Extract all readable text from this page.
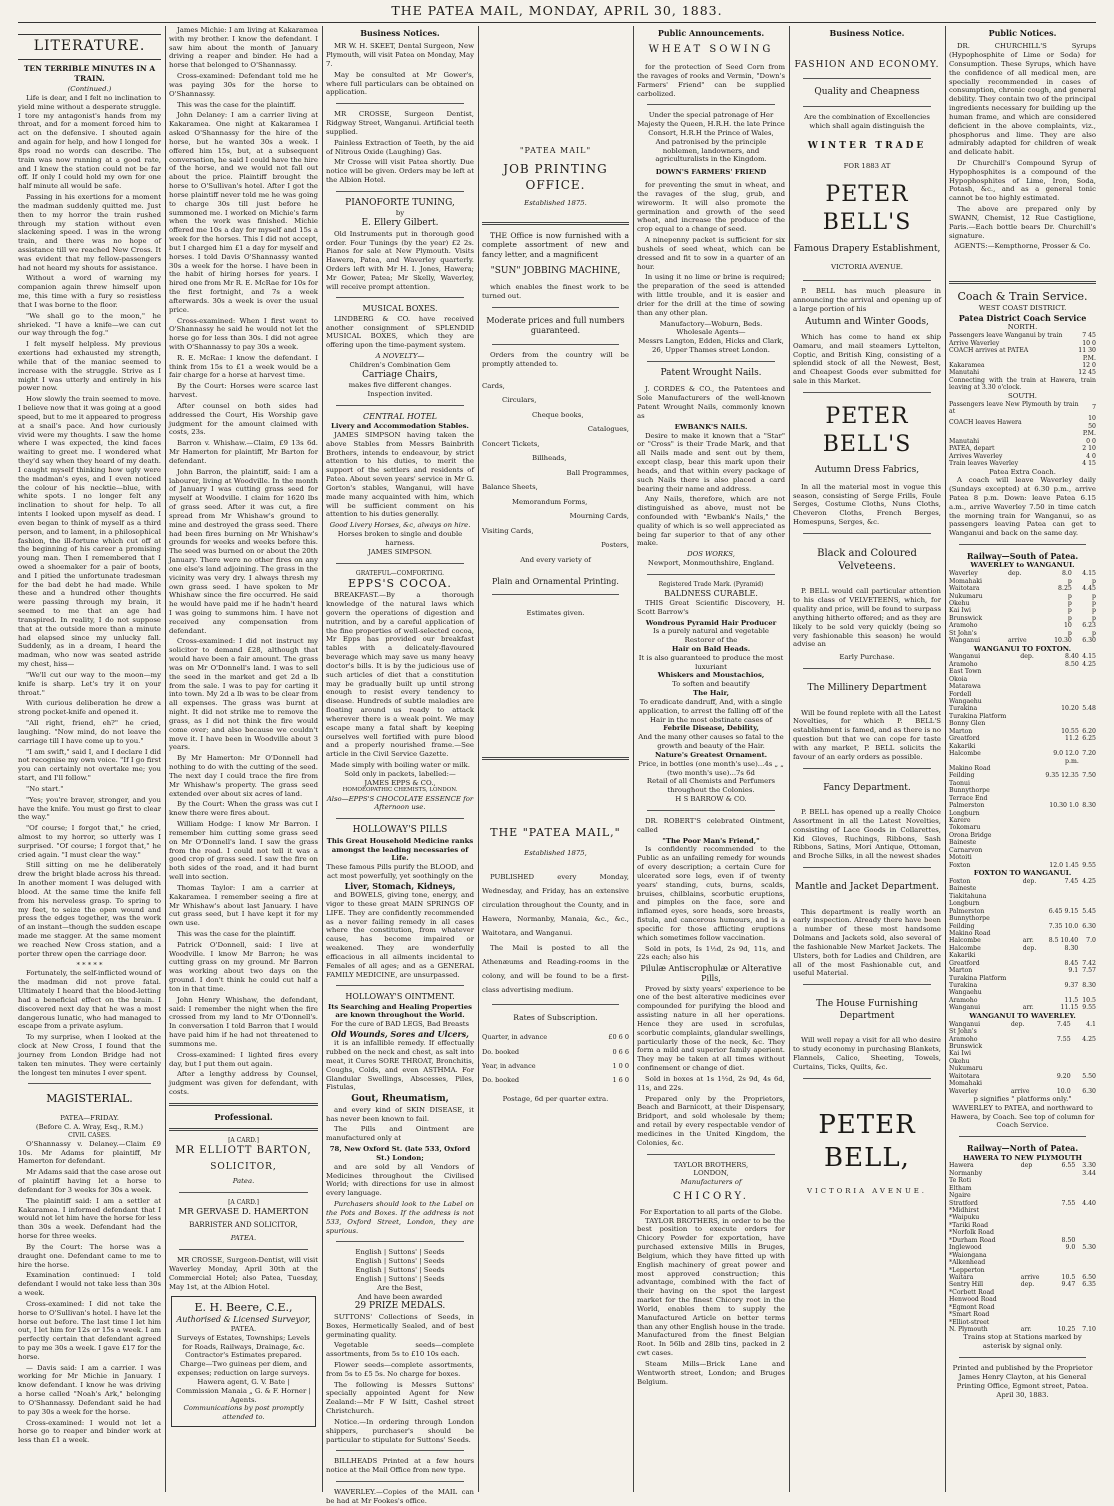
THE PATEA MAIL, MONDAY, APRIL 30, 1883.
LITERATURE.
TEN TERRIBLE MINUTES IN A TRAIN.
(Continued.)

Life is dear, and I felt no inclination to yield mine without a desperate struggle. I tore my antagonist's hands from my throat, and for a moment forced him to act on the defensive. I shouted again and again for help, and how I longed for 8ps road no words can describe. The train was now running at a good rate, and I knew the station could not be far off. If only I could hold my own for one half minute all would be safe.

Passing in his exertions for a moment the madman suddenly quitted me. Just then to my horror the train rushed through my station without even slackening speed. I was in the wrong train, and there was no hope of assistance till we reached New Cross. It was evident that my fellow-passengers had not heard my shouts for assistance.

Without a word of warning my companion again threw himself upon me, this time with a fury so resistless that I was borne to the floor.

"We shall go to the moon," he shrieked. "I have a knife—we can cut our way through the fog."

I felt myself helpless. My previous exertions had exhausted my strength, while that of the maniac seemed to increase with the struggle. Strive as I might I was utterly and entirely in his power now.

How slowly the train seemed to move. I believe now that it was going at a good speed, but to me it appeared to progress at a snail's pace. And how curiously vivid were my thoughts. I saw the home where I was expected, the kind faces waiting to greet me. I wondered what they'd say when they heard of my death. I caught myself thinking how ugly were the madman's eyes, and I even noticed the colour of his necktie—blue, with white spots. I no longer felt any inclination to shout for help. To all intents I looked upon myself as dead. I even began to think of myself as a third person, and to lament, in a philosophical fashion, the ill-fortune which cut off at the beginning of his career a promising young man. Then I remembered that I owed a shoemaker for a pair of boots, and I pitied the unfortunate tradesman for the bad debt he had made. While these and a hundred other thoughts were passing through my brain, it seemed to me that an age had transpired. In reality, I do not suppose that at the outside more than a minute had elapsed since my unlucky fall. Suddenly, as in a dream, I heard the madman, who now was seated astride my chest, hiss—

"We'll cut our way to the moon—my knife is sharp. Let's try it on your throat."

With curious deliberation he drew a strong pocket-knife and opened it.

"All right, friend, eh?" he cried, laughing. "Now mind, do not leave the carriage till I have come up to you."

"I am swift," said I, and I declare I did not recognise my own voice. "If I go first you can certainly not overtake me; you start, and I'll follow."

"No start."

"Yes; you're braver, stronger, and you have the knife. You must go first to clear the way."

"Of course; I forgot that," he cried, almost to my horror, so utterly was I surprised. "Of course; I forgot that," he cried again. "I must clear the way."

Still sitting on me he deliberately drew the bright blade across his thread. In another moment I was deluged with blood. At the same time the knife fell from his nerveless grasp. To spring to my feet, to seize the open wound and press the edges together, was the work of an instant—though the sudden escape made me stagger. At the same moment we reached New Cross station, and a porter threw open the carriage door.

* * * * *

Fortunately, the self-inflicted wound of the madman did not prove fatal. Ultimately I heard that the blood-letting had a beneficial effect on the brain. I discovered next day that he was a most dangerous lunatic, who had managed to escape from a private asylum.

To my surprise, when I looked at the clock at New Cross, I found that the journey from London Bridge had not taken ten minutes. They were certainly the longest ten minutes I ever spent.

MAGISTERIAL.
PATEA—FRIDAY.
(Before C. A. Wray, Esq., R.M.)
CIVIL CASES.

O'Shannassy v. Delaney.—Claim £9 10s. Mr Adams for plaintiff, Mr Hamerton for defendant.

Mr Adams said that the case arose out of plaintiff having let a horse to defendant for 3 weeks for 30s a week.

The plaintiff said: I am a settler at Kakaramea. I informed defendant that I would not let him have the horse for less than 30s a week. Defendant had the horse for three weeks.

By the Court: The horse was a draught one. Defendant came to me to hire the horse.

Examination continued: I told defendant I would not take less than 30s a week.

Cross-examined: I did not take the horse to O'Sullivan's hotel. I have let the horse out before. The last time I let him out, I let him for 12s or 15s a week. I am perfectly certain that defendant agreed to pay me 30s a week. I gave £17 for the horse.

— Davis said: I am a carrier. I was working for Mr Michie in January. I know defendant. I know he was driving a horse called "Noah's Ark," belonging to O'Shannassy. Defendant said he had to pay 30s a week for the horse.

Cross-examined: I would not let a horse go to reaper and binder work at less than £1 a week.

James Michie: I am living at Kakaramea with my brother. I know the defendant. I saw him about the month of January driving a reaper and binder. He had a horse that belonged to O'Shannassy.

Cross-examined: Defendant told me he was paying 30s for the horse to O'Shannassy.

This was the case for the plaintiff.

John Delaney: I am a carrier living at Kakaramea. One night at Kakaramea I asked O'Shannassy for the hire of the horse, but he wanted 30s a week. I offered him 15s, but, at a subsequent conversation, he said I could have the hire of the horse, and we would not fall out about the price. Plaintiff brought the horse to O'Sullivan's hotel. After I got the horse plaintiff never told me he was going to charge 30s till just before he summoned me. I worked on Michie's farm when the work was finished. Michie offered me 10s a day for myself and 15s a week for the horses. This I did not accept, but I charged him £1 a day for myself and horses. I told Davis O'Shannassy wanted 30s a week for the horse. I have been in the habit of hiring horses for years. I hired one from Mr R. E. McRae for 10s for the first fortnight, and 7s a week afterwards. 30s a week is over the usual price.

Cross-examined: When I first went to O'Shannassy he said he would not let the horse go for less than 30s. I did not agree with O'Shannassy to pay 30s a week.

R. E. McRae: I know the defendant. I think from 15s to £1 a week would be a fair charge for a horse at harvest time.

By the Court: Horses were scarce last harvest.

After counsel on both sides had addressed the Court, His Worship gave judgment for the amount claimed with costs, 23s.

Barron v. Whishaw.—Claim, £9 13s 6d. Mr Hamerton for plaintiff, Mr Barton for defendant.

John Barron, the plaintiff, said: I am a labourer, living at Woodville. In the month of January I was cutting grass seed for myself at Woodville. I claim for 1620 lbs of grass seed. After it was cut, a fire spread from Mr Whishaw's ground to mine and destroyed the grass seed. There had been fires burning on Mr Whishaw's grounds for weeks and weeks before this. The seed was burned on or about the 20th January. There were no other fires on any one else's land adjoining. The grass in the vicinity was very dry. I always thresh my own grass seed. I have spoken to Mr Whishaw since the fire occurred. He said he would have paid me if he hadn't heard I was going to summons him. I have not received any compensation from defendant.

Cross-examined: I did not instruct my solicitor to demand £28, although that would have been a fair amount. The grass was on Mr O'Donnell's land. I was to sell the seed in the market and get 2d a lb from the sale. I was to pay for carting it into town. My 2d a lb was to be clear from all expenses. The grass was burnt at night. It did not strike me to remove the grass, as I did not think the fire would come over; and also because we couldn't move it. I have been in Woodville about 3 years.

By Mr Hamerton: Mr O'Donnell had nothing to do with the cutting of the seed. The next day I could trace the fire from Mr Whishaw's property. The grass seed extended over about six acres of land.

By the Court: When the grass was cut I knew there were fires about.

William Hodge: I know Mr Barron. I remember him cutting some grass seed on Mr O'Donnell's land. I saw the grass from the road. I could not tell it was a good crop of grass seed. I saw the fire on both sides of the road, and it had burnt well into section.

Thomas Taylor: I am a carrier at Kakaramea. I remember seeing a fire at Mr Whishaw's about last January. I have cut grass seed, but I have kept it for my own use.

This was the case for the plaintiff.

Patrick O'Donnell, said: I live at Woodville. I know Mr Barron; he was cutting grass on my ground. Mr Barron was working about two days on the ground. I don't think he could cut half a ton in that time.

John Henry Whishaw, the defendant, said: I remember the night when the fire crossed from my land to Mr O'Donnell's. In conversation I told Barron that I would have paid him if he had not threatened to summons me.

Cross-examined: I lighted fires every day, but I put them out again.

After a lengthy address by Counsel, judgment was given for defendant, with costs.

Professional.
[A CARD.]
MR ELLIOTT BARTON,
SOLICITOR,
Patea.
[A CARD.]
MR GERVASE D. HAMERTON
BARRISTER AND SOLICITOR,
PATEA.

MR CROSSE, Surgeon-Dentist, will visit Waverley Monday, April 30th at the Commercial Hotel; also Patea, Tuesday, May 1st, at the Albion Hotel.

E. H. Beere, C.E.,
Authorised & Licensed Surveyor,
PATEA.
Surveys of Estates, Townships; Levels for Roads, Railways, Drainage, &c. Contractor's Estimates prepared.
Charge—Two guineas per diem, and expenses; reduction on large surveys.
Hawera agent, G. V. Bate | Commission Manaia „ G. & F. Horner | Agents.
Communications by post promptly attended to.
Business Notices.

MR W. H. SKEET, Dental Surgeon, New Plymouth, will visit Patea on Monday, May 7.

May be consulted at Mr Gower's, where full particulars can be obtained on application.

MR CROSSE, Surgeon Dentist, Ridgway Street, Wanganui. Artificial teeth supplied.

Painless Extraction of Teeth, by the aid of Nitrous Oxide (Laughing) Gas.

Mr Crosse will visit Patea shortly. Due notice will be given. Orders may be left at the Albion Hotel.

PIANOFORTE TUNING,
by
E. Ellery Gilbert.

Old Instruments put in thorough good order. Four Tunings (by the year) £2 2s. Pianos for sale at New Plymouth. Visits Hawera, Patea, and Waverley quarterly. Orders left with Mr H. I. Jones, Hawera; Mr Gower, Patea; Mr Skelly, Waverley, will receive prompt attention.

MUSICAL BOXES.

LINDBERG & CO. have received another consignment of SPLENDID MUSICAL BOXES, which they are offering upon the time-payment system.

A NOVELTY—
Children's Combination Gem
Carriage Chairs,
makes five different changes.
Inspection invited.
CENTRAL HOTEL
Livery and Accommodation Stables.

JAMES SIMPSON having taken the above Stables from Messrs Bainbrith Brothers, intends to endeavour, by strict attention to his duties, to merit the support of the settlers and residents of Patea. About seven years' service in Mr G. Gorton's stables, Wanganui, will have made many acquainted with him, which will be sufficient comment on his attention to his duties generally.

Good Livery Horses, &c, always on hire.
Horses broken to single and double harness.
JAMES SIMPSON.
GRATEFUL—COMFORTING.
EPPS'S COCOA.

BREAKFAST.—By a thorough knowledge of the natural laws which govern the operations of digestion and nutrition, and by a careful application of the fine properties of well-selected cocoa, Mr Epps has provided our breakfast tables with a delicately-flavoured beverage which may save us many heavy doctor's bills. It is by the judicious use of such articles of diet that a constitution may be gradually built up until strong enough to resist every tendency to disease. Hundreds of subtle maladies are floating around us ready to attack wherever there is a weak point. We may escape many a fatal shaft by keeping ourselves well fortified with pure blood and a properly nourished frame.—See article in the Civil Service Gazette.

Made simply with boiling water or milk. Sold only in packets, labelled:—
JAMES EPPS & CO.,
HOMOEOPATHIC CHEMISTS, LONDON.
Also—EPPS'S CHOCOLATE ESSENCE for Afternoon use.
HOLLOWAY'S PILLS
This Great Household Medicine ranks amongst the leading necessaries of Life.
These famous Pills purify the BLOOD, and act most powerfully, yet soothingly on the
Liver, Stomach, Kidneys,

and BOWELS, giving tone, energy, and vigor to these great MAIN SPRINGS OF LIFE. They are confidently recommended as a never failing remedy in all cases where the constitution, from whatever cause, has become impaired or weakened. They are wonderfully efficacious in all ailments incidental to Females of all ages; and as a GENERAL FAMILY MEDICINE, are unsurpassed.

HOLLOWAY'S OINTMENT.
Its Searching and Healing Properties are known throughout the World.
For the cure of BAD LEGS, Bad Breasts
Old Wounds, Sores and Ulcers,

it is an infallible remedy. If effectually rubbed on the neck and chest, as salt into meat, it Cures SORE THROAT, Bronchitis, Coughs, Colds, and even ASTHMA. For Glandular Swellings, Abscesses, Piles, Fistulas,

Gout, Rheumatism,

and every kind of SKIN DISEASE, it has never been known to fail.

The Pills and Ointment are manufactured only at

78, New Oxford St. (late 533, Oxford St.) London;

and are sold by all Vendors of Medicines throughout the Civilised World; with directions for use in almost every language.

Purchasers should look to the Label on the Pots and Boxes. If the address is not 533, Oxford Street, London, they are spurious.

English | Suttons' | Seeds
English | Suttons' | Seeds
English | Suttons' | Seeds
English | Suttons' | Seeds
Are the Best,
And have been awarded
29 PRIZE MEDALS.

SUTTONS' Collections of Seeds, in Boxes, Hermetically Sealed, and of best germinating quality.

Vegetable seeds—complete assortments, from 5s to £10 10s each.

Flower seeds—complete assortments, from 5s to £5 5s. No charge for boxes.

The following is Messrs Suttons' specially appointed Agent for New Zealand:—Mr F W Isitt, Cashel street Christchurch.

Notice.—In ordering through London shippers, purchaser's should be particular to stipulate for Suttons' Seeds.

BILLHEADS Printed at a few hours notice at the Mail Office from new type.

WAVERLEY.—Copies of the MAIL can be had at Mr Fookes's office.

"PATEA MAIL"
JOB PRINTING OFFICE.
Established 1875.

THE Office is now furnished with a complete assortment of new and fancy letter, and a magnificent

"SUN" JOBBING MACHINE,

which enables the finest work to be turned out.

Moderate prices and full numbers guaranteed.

Orders from the country will be promptly attended to.

Cards,
Circulars,
Cheque books,
Catalogues,
Concert Tickets,
Billheads,
Ball Programmes,
Balance Sheets,
Memorandum Forms,
Mourning Cards,
Visiting Cards,
Posters,
And every variety of
Plain and Ornamental Printing.
Estimates given.
THE "PATEA MAIL,"
Established 1875,

PUBLISHED every Monday, Wednesday, and Friday, has an extensive circulation throughout the County, and in Hawera, Normanby, Manaia, &c., &c., Waitotara, and Wanganui.

The Mail is posted to all the Athenæums and Reading-rooms in the colony, and will be found to be a first-class advertising medium.

Rates of Subscription.
Quarter, in advance	£0 6 0
Do. booked	0 6 6
Year, in advance	1 0 0
Do. booked	1 6 0
Postage, 6d per quarter extra.
Public Announcements.
WHEAT SOWING

for the protection of Seed Corn from the ravages of rooks and Vermin, "Down's Farmers' Friend" can be supplied carbolized.

Under the special patronage of Her Majesty the Queen, H.R.H. the late Prince Consort, H.R.H the Prince of Wales,
And patronised by the principle noblemen, landowners, and agriculturalists in the Kingdom.
DOWN'S FARMERS' FRIEND

for preventing the smut in wheat, and the ravages of the slug, grub, and wireworm. It will also promote the germination and growth of the seed wheat, and increase the produce of the crop equal to a change of seed.

A ninepenny packet is sufficient for six bushels of seed wheat, which can be dressed and fit to sow in a quarter of an hour.

In using it no lime or brine is required; the preparation of the seed is attended with little trouble, and it is easier and drier for the drill at the time of sowing than any other plan.

Manufactory—Woburn, Beds.
Wholesale Agents—
Messrs Langton, Edden, Hicks and Clark, 26, Upper Thames street London.
Patent Wrought Nails.

J. CORDES & CO., the Patentees and Sole Manufacturers of the well-known Patent Wrought Nails, commonly known as

EWBANK'S NAILS.

Desire to make it known that a "Star" or "Cross" is their Trade Mark, and that all Nails made and sent out by them, except clasp, bear this mark upon their heads, and that within every package of such Nails there is also placed a card bearing their name and address.

Any Nails, therefore, which are not distinguished as above, must not be confounded with "Ewbank's Nails," the quality of which is so well appreciated as being far superior to that of any other make.

DOS WORKS,
Newport, Monmouthshire, England.
Registered Trade Mark. (Pyramid)
BALDNESS CURABLE.

THIS Great Scientific Discovery, H. Scott Barrow's

Wondrous Pyramid Hair Producer
Is a purely natural and vegetable Restorer of the
Hair on Bald Heads.
It is also guaranteed to produce the most luxuriant
Whiskers and Moustachios,
To soften and beautify
The Hair,
To eradicate dandruff, And, with a single application, to arrest the falling off of the Hair in the most obstinate cases of
Febrile Disease, Debility,
And the many other causes so fatal to the growth and beauty of the Hair.
Nature's Greatest Ornament.
Price, in bottles (one month's use)...4s „ „ (two month's use)...7s 6d
Retail of all Chemists and Perfumers throughout the Colonies.
H S BARROW & CO.

DR. ROBERT'S celebrated Ointment, called

"The Poor Man's Friend,"

Is confidently recommended to the Public as an unfailing remedy for wounds of every description; a certain Cure for ulcerated sore legs, even if of twenty years' standing, cuts, burns, scalds, bruises, chilblains, scorbutic eruptions, and pimples on the face, sore and inflamed eyes, sore heads, sore breasts, fistula, and cancerous humours, and is a specific for those afflicting eruptions which sometimes follow vaccination.

Sold in pots, Is 1½d, 2s 9d, 11s, and 22s each; also his

Pilulæ Antiscrophulæ or Alterative Pills,

Proved by sixty years' experience to be one of the best alterative medicines ever compounded for purifying the blood and assisting nature in all her operations. Hence they are used in scrofulas, scorbutic complaints, glandular swellings, particularly those of the neck, &c. They form a mild and superior family aperient. They may be taken at all times without confinement or change of diet.

Sold in boxes at 1s 1½d, 2s 9d, 4s 6d, 11s, and 22s.

Prepared only by the Proprietors, Beach and Barnicott, at their Dispensary, Bridport, and sold wholesale by them; and retail by every respectable vendor of medicines in the United Kingdom, the Colonies, &c.

TAYLOR BROTHERS,
LONDON,
Manufacturers of
CHICORY.
For Exportation to all parts of the Globe.

TAYLOR BROTHERS, in order to be the best position to execute orders for Chicory Powder for exportation, have purchased extensive Mills in Bruges, Belgium, which they have fitted up with English machinery of great power and most approved construction; this advantage, combined with the fact of their having on the spot the largest market for the finest Chicory root in the World, enables them to supply the Manufactured Article on better terms than any other English house in the trade. Manufactured from the finest Belgian Root. In 56lb and 28lb tins, packed in 2 cwt cases.

Steam Mills—Brick Lane and Wentworth street, London; and Bruges Belgium.

Business Notice.
FASHION AND ECONOMY.
Quality and Cheapness
Are the combination of Excellencies which shall again distinguish the
WINTER TRADE
FOR 1883 AT
PETER BELL'S
Famous Drapery Establishment,
VICTORIA AVENUE.

P. BELL has much pleasure in announcing the arrival and opening up of a large portion of his

Autumn and Winter Goods,

Which has come to hand ex ship Oamaru, and mail steamers Lyttelton, Coptic, and British King, consisting of a splendid stock of all the Newest, Best, and Cheapest Goods ever submitted for sale in this Market.

PETER BELL'S
Autumn Dress Fabrics,

In all the material most in vogue this season, consisting of Serge Frills, Foule Serges, Costume Cloths, Nuns Cloths, Cheveron Cloths, French Berges, Homespuns, Serges, &c.

Black and Coloured Velveteens.

P. BELL would call particular attention to his class of VELVETEENS, which, for quality and price, will be found to surpass anything hitherto offered; and as they are likely to be sold very quickly (being so very fashionable this season) he would advise an

Early Purchase.
The Millinery Department

Will be found replete with all the Latest Novelties, for which P. BELL'S establishment is famed, and as there is no question but that we can cope for taste with any market, P. BELL solicits the favour of an early orders as possible.

Fancy Department.

P. BELL has opened up a really Choice Assortment in all the Latest Novelties, consisting of Lace Goods in Collarettes, Kid Gloves, Ruchings, Ribbons, Sash Ribbons, Satins, Mori Antique, Ottoman, and Broche Silks, in all the newest shades

Mantle and Jacket Department.

This department is really worth an early inspection. Already there have been a number of these most handsome Dolmans and Jackets sold, also several of the fashionable New Market Jackets. The Ulsters, both for Ladies and Children, are all of the most Fashionable cut, and useful Material.

The House Furnishing Department

Will well repay a visit for all who desire to study economy in purchasing Blankets, Flannels, Calico, Sheeting, Towels, Curtains, Ticks, Quilts, &c.

PETER BELL,
VICTORIA AVENUE.
Public Notices.

DR. CHURCHILL'S Syrups (Hypophosphite of Lime or Soda) for Consumption. These Syrups, which have the confidence of all medical men, are specially recommended in cases of consumption, chronic cough, and general debility. They contain two of the principal ingredients necessary for building up the human frame, and which are considered deficient in the above complaints, viz., phosphorus and lime. They are also admirably adapted for children of weak and delicate habit.

Dr Churchill's Compound Syrup of Hypophosphites is a compound of the Hypophosphites of Lime, Iron, Soda, Potash, &c., and as a general tonic cannot be too highly estimated.

The above are prepared only by SWANN, Chemist, 12 Rue Castiglione, Paris.—Each bottle bears Dr. Churchill's signature.

AGENTS:—Kempthorne, Prosser & Co.
Coach & Train Service.
WEST COAST DISTRICT.
Patea District Coach Service
NORTH.
Passengers leave Wanganui by train	7 45
Arrive Waverley	10 0
COACH arrives at PATEA	11 30
	P.M.
Kakaramea	12 0
Manutahi	12 45
Connecting with the train at Hawera, train leaving at 3.30 o'clock.	
SOUTH.
Passengers leave New Plymouth by train at	7
COACH leaves Hawera	10 50
	P.M.
Manutahi	0 0
PATEA, depart	2 10
Arrives Waverley	4 0
Train leaves Waverley	4 15
Patea Extra Coach.

A coach will leave Waverley daily (Sundays excepted) at 6.30 p.m., arrive Patea 8 p.m. Down: leave Patea 6.15 a.m., arrive Waverley 7.50 in time catch the morning train for Wanganui, so as passengers leaving Patea can get to Wanganui and back on the same day.

Railway—South of Patea.
WAVERLEY to WANGANUI.
Waverley	dep.	8.0	4.15
Momahaki		p	p
Waitotara		8.25	4.45
Nukumaru		p	p
Okehu		p	p
Kai Iwi		p	p
Brunswick		p	p
Aramoho		10	6.23
St John's		p	p
Wanganui	arrive	10.30	6.30
WANGANUI TO FOXTON.
Wanganui	dep.	8.40	4.15
Aramoho		8.50	4.25
East Town			
Okoia			
Matarawa			
Fordell			
Wangaehu			
Turakina		10.20	5.48
Turakina Platform			
Bonny Glen			
Marton		10.55	6.20
Greatford		11.2	6.25
Kakariki			
Halcombe		9.0 12.0	7.20
		p.m.	
Makino Road			
Feilding		9.35 12.35	7.50
Taonui			
Bunnythorpe			
Terrace End			
Palmerston		10.30 1.0	8.30
Longburn			
Karere			
Tokomaru			
Orona Bridge			
Baineste			
Carnarvon			
Motoiti			
Foxton		12.0 1.45	9.55
FOXTON TO WANGANUI.
Foxton	dep.	7.45	4.25
Baineste			
Tiakitahuna			
Longburn			
Palmerston		6.45 9.15	5.45
Bunnythorpe			
Feilding		7.35 10.0	6.30
Makino Road			
Halcombe	arr.	8.5 10.40	7.0
Halcombe	dep.	8.30	
Kakariki			
Greatford		8.45	7.42
Marton		9.1	7.57
Turakina Platform			
Turakina		9.37	8.30
Wangaehu			
Aramoho		11.5	10.5
Wanganui	arr.	11.15	9.55
WANGANUI TO WAVERLEY.
Wanganui	dep.	7.45	4.1
St John's			
Aramoho		7.55	4.25
Brunswick			
Kai Iwi			
Okehu			
Nukumaru			
Waitotara		9.20	5.50
Momahaki			
Waverley	arrive	10.0	6.30
p signifies " platforms only."
WAVERLEY to PATEA, and northward to Hawera, by Coach. See top of column for Coach Service.
Railway—North of Patea.
HAWERA TO NEW PLYMOUTH
Hawera	dep	6.55	3.30
Normanby			3.44
Te Roti			
Eltham			
Ngaire			
Stratford		7.55	4.40
*Midhirst			
*Waipuku			
*Tariki Road			
*Norfolk Road			
*Durham Road		8.50	
Inglewood		9.0	5.30
*Waiongana			
*Alkenhead			
*Lepperton			
Waitara	arrive	10.5	6.50
Sentry Hill	dep.	9.47	6.35
*Corbett Road			
Henwood Road			
*Egmont Road			
*Smart Road			
*Elliot-street			
N. Plymouth	arr.	10.25	7.10
Trains stop at Stations marked by asterisk by signal only.
Printed and published by the Proprietor James Henry Clayton, at his General Printing Office, Egmont street, Patea.
April 30, 1883.
